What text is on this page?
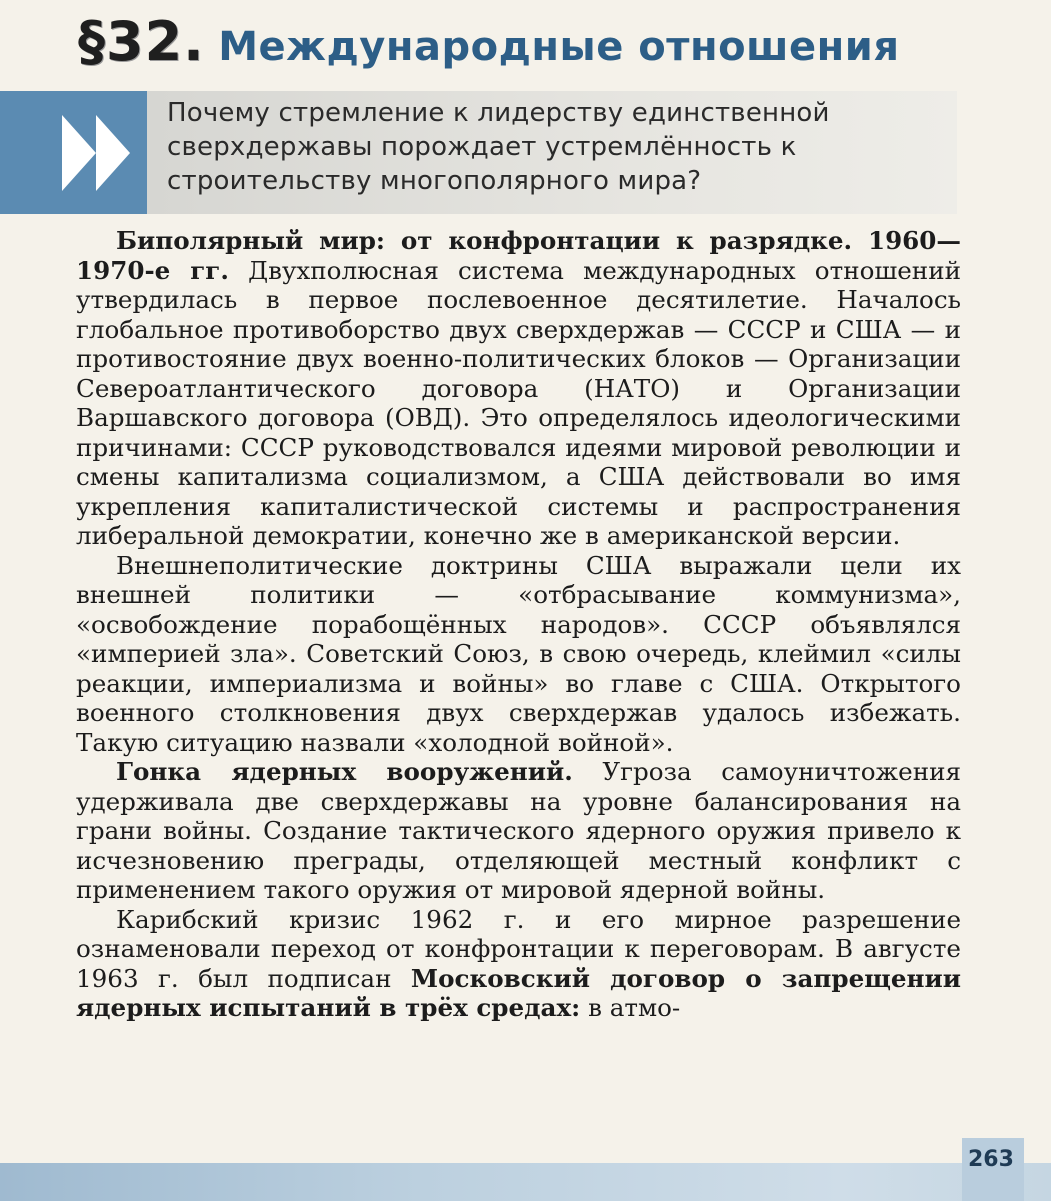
§32. Международные отношения

Почему стремление к лидерству единственной сверхдержавы порождает устремлённость к строительству многополярного мира?

Биполярный мир: от конфронтации к разрядке. 1960—1970-е гг. Двухполюсная система международных отношений утвердилась в первое послевоенное десятилетие. Началось глобальное противоборство двух сверхдержав — СССР и США — и противостояние двух военно-политических блоков — Организации Североатлантического договора (НАТО) и Организации Варшавского договора (ОВД). Это определялось идеологическими причинами: СССР руководствовался идеями мировой революции и смены капитализма социализмом, а США действовали во имя укрепления капиталистической системы и распространения либеральной демократии, конечно же в американской версии.

Внешнеполитические доктрины США выражали цели их внешней политики — «отбрасывание коммунизма», «освобождение порабощённых народов». СССР объявлялся «империей зла». Советский Союз, в свою очередь, клеймил «силы реакции, империализма и войны» во главе с США. Открытого военного столкновения двух сверхдержав удалось избежать. Такую ситуацию назвали «холодной войной».

Гонка ядерных вооружений. Угроза самоуничтожения удерживала две сверхдержавы на уровне балансирования на грани войны. Создание тактического ядерного оружия привело к исчезновению преграды, отделяющей местный конфликт с применением такого оружия от мировой ядерной войны.

Карибский кризис 1962 г. и его мирное разрешение ознаменовали переход от конфронтации к переговорам. В августе 1963 г. был подписан Московский договор о запрещении ядерных испытаний в трёх средах: в атмо-

263
